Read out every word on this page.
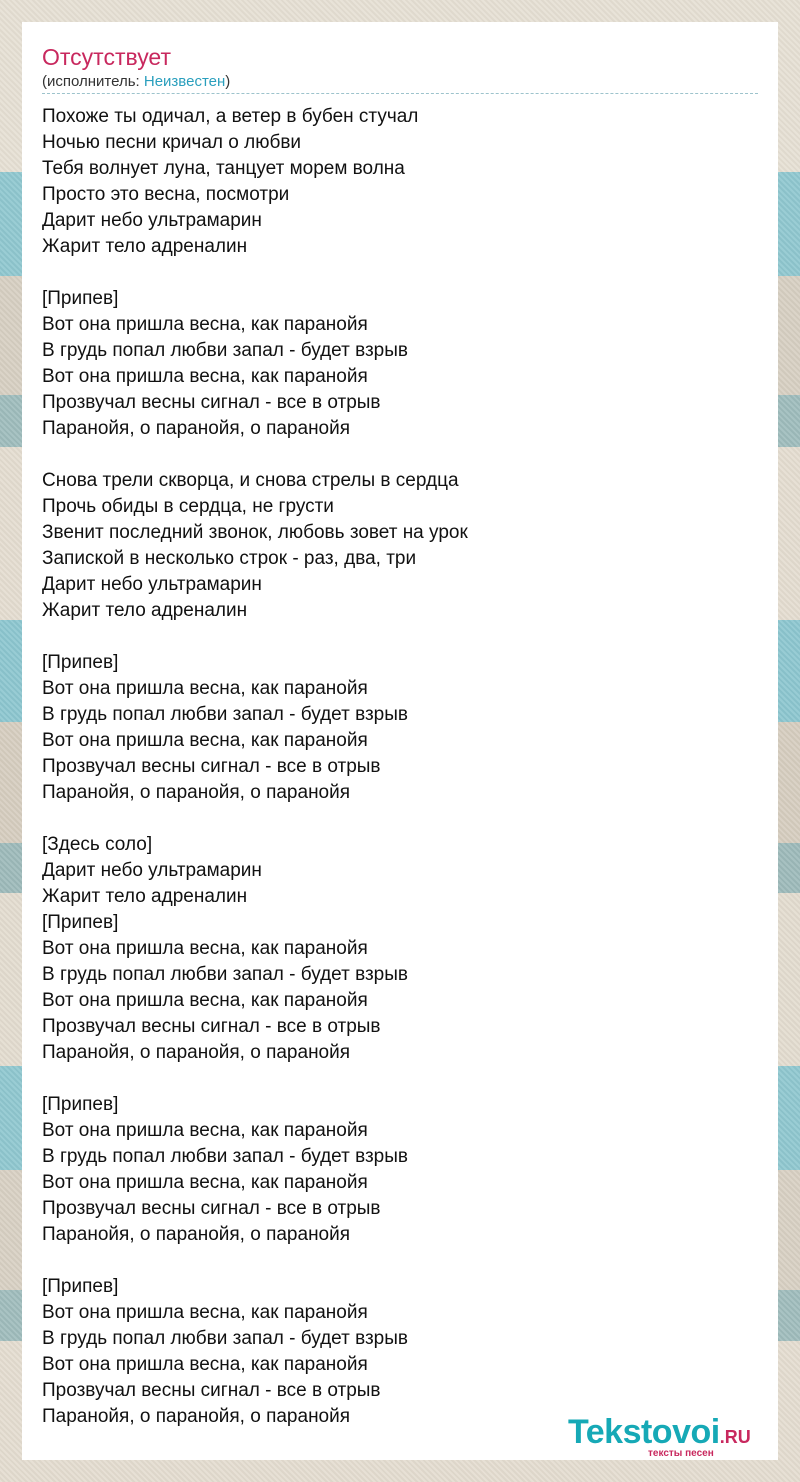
Отсутствует
(исполнитель: Неизвестен)
Похоже ты одичал, а ветер в бубен стучал
Ночью песни кричал о любви
Тебя волнует луна, танцует морем волна
Просто это весна, посмотри
Дарит небо ультрамарин
Жарит тело адреналин

[Припев]
Вот она пришла весна, как паранойя
В грудь попал любви запал - будет взрыв
Вот она пришла весна, как паранойя
Прозвучал весны сигнал - все в отрыв
Паранойя, о паранойя, о паранойя

Снова трели скворца, и снова стрелы в сердца
Прочь обиды в сердца, не грусти
Звенит последний звонок, любовь зовет на урок
Запиской в несколько строк - раз, два, три
Дарит небо ультрамарин
Жарит тело адреналин

[Припев]
Вот она пришла весна, как паранойя
В грудь попал любви запал - будет взрыв
Вот она пришла весна, как паранойя
Прозвучал весны сигнал - все в отрыв
Паранойя, о паранойя, о паранойя

[Здесь соло]
Дарит небо ультрамарин
Жарит тело адреналин
[Припев]
Вот она пришла весна, как паранойя
В грудь попал любви запал - будет взрыв
Вот она пришла весна, как паранойя
Прозвучал весны сигнал - все в отрыв
Паранойя, о паранойя, о паранойя

[Припев]
Вот она пришла весна, как паранойя
В грудь попал любви запал - будет взрыв
Вот она пришла весна, как паранойя
Прозвучал весны сигнал - все в отрыв
Паранойя, о паранойя, о паранойя

[Припев]
Вот она пришла весна, как паранойя
В грудь попал любви запал - будет взрыв
Вот она пришла весна, как паранойя
Прозвучал весны сигнал - все в отрыв
Паранойя, о паранойя, о паранойя	Tekstovoi.RU
тексты песен
